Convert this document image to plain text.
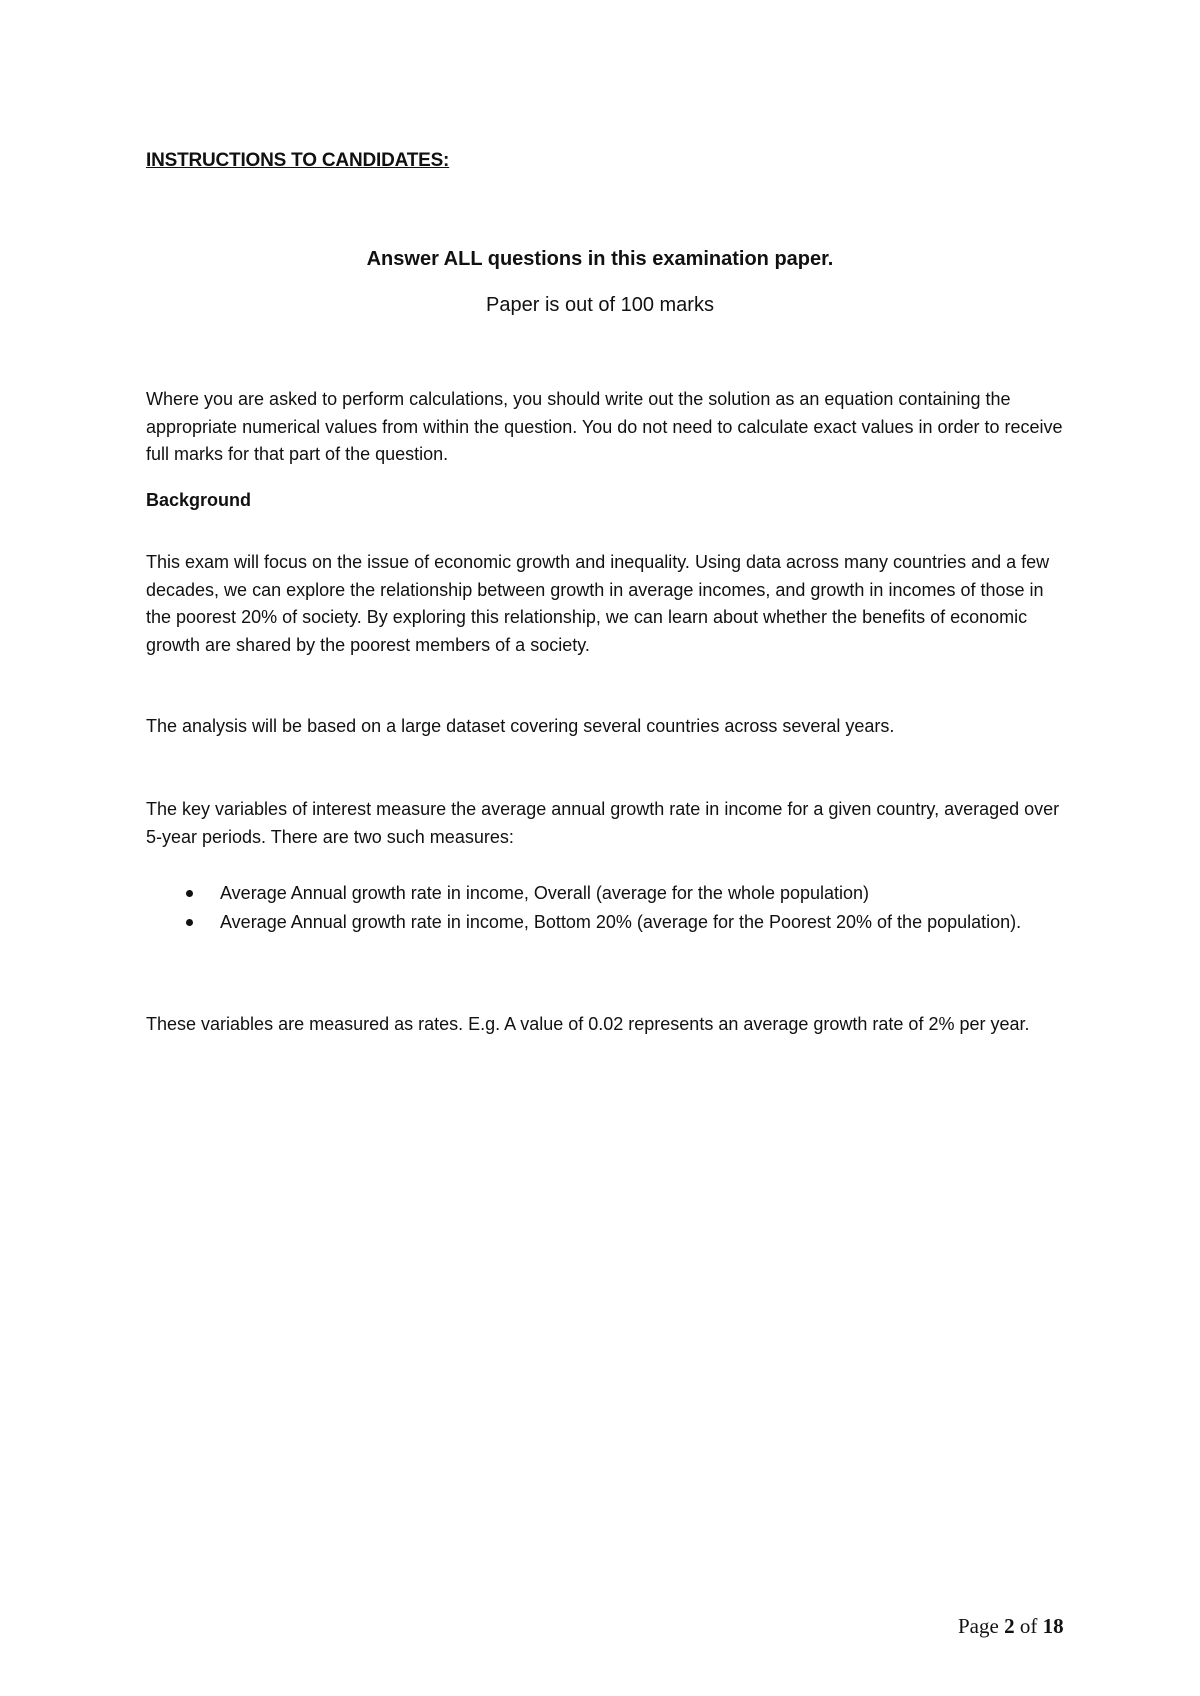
INSTRUCTIONS TO CANDIDATES:
Answer ALL questions in this examination paper.
Paper is out of 100 marks

Where you are asked to perform calculations, you should write out the solution as an equation containing the appropriate numerical values from within the question. You do not need to calculate exact values in order to receive full marks for that part of the question.

Background

This exam will focus on the issue of economic growth and inequality. Using data across many countries and a few decades, we can explore the relationship between growth in average incomes, and growth in incomes of those in the poorest 20% of society. By exploring this relationship, we can learn about whether the benefits of economic growth are shared by the poorest members of a society.

The analysis will be based on a large dataset covering several countries across several years.

The key variables of interest measure the average annual growth rate in income for a given country, averaged over 5-year periods. There are two such measures:

Average Annual growth rate in income, Overall (average for the whole population)
Average Annual growth rate in income, Bottom 20% (average for the Poorest 20% of the population).

These variables are measured as rates. E.g. A value of 0.02 represents an average growth rate of 2% per year.

Page 2 of 18
